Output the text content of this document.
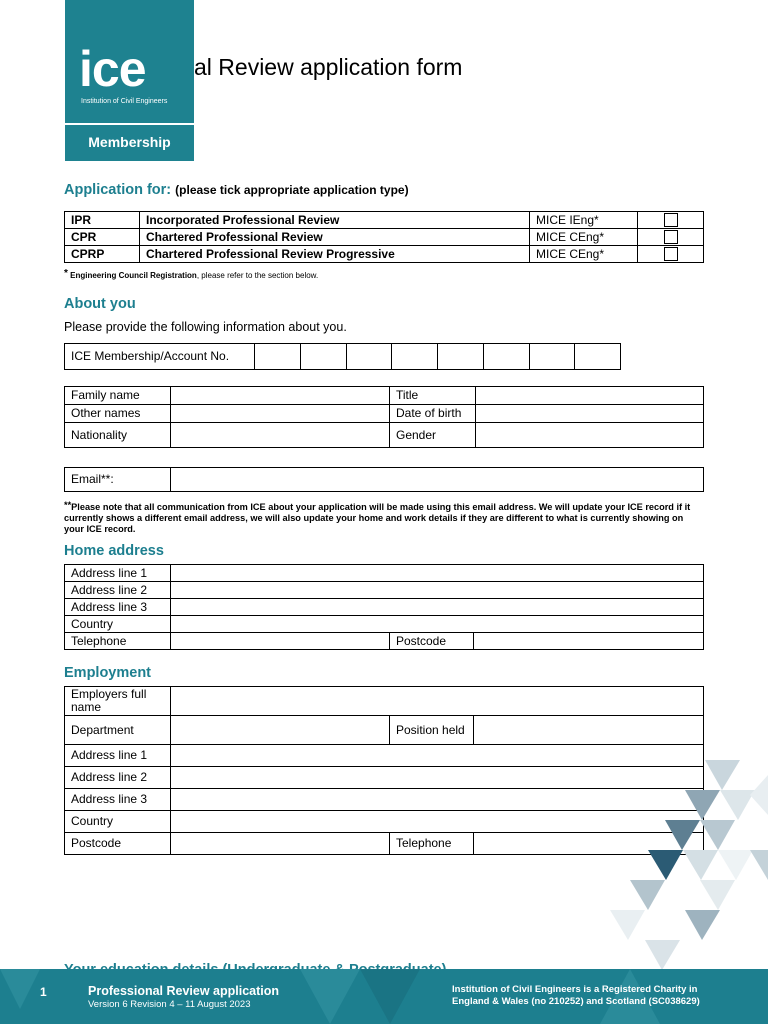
ice
Institution of Civil Engineers
Membership
al Review application form
Application for: (please tick appropriate application type)
IPR	Incorporated Professional Review	MICE IEng*	
CPR	Chartered Professional Review	MICE CEng*	
CPRP	Chartered Professional Review Progressive	MICE CEng*	
* Engineering Council Registration, please refer to the section below.
About you
Please provide the following information about you.
ICE Membership/Account No.								
Family name		Title	
Other names		Date of birth	
Nationality		Gender	
Email**:	
**Please note that all communication from ICE about your application will be made using this email address. We will update your ICE record if it currently shows a different email address, we will also update your home and work details if they are different to what is currently showing on your ICE record.
Home address
Address line 1			
Address line 2			
Address line 3			
Country			
Telephone		Postcode	
Employment
Employers full name			
Department		Position held	
Address line 1			
Address line 2			
Address line 3			
Country			
Postcode		Telephone	
1	Professional Review application
Version 6 Revision 4 – 11 August 2023
Institution of Civil Engineers is a Registered Charity in
England & Wales (no 210252) and Scotland (SC038629)
